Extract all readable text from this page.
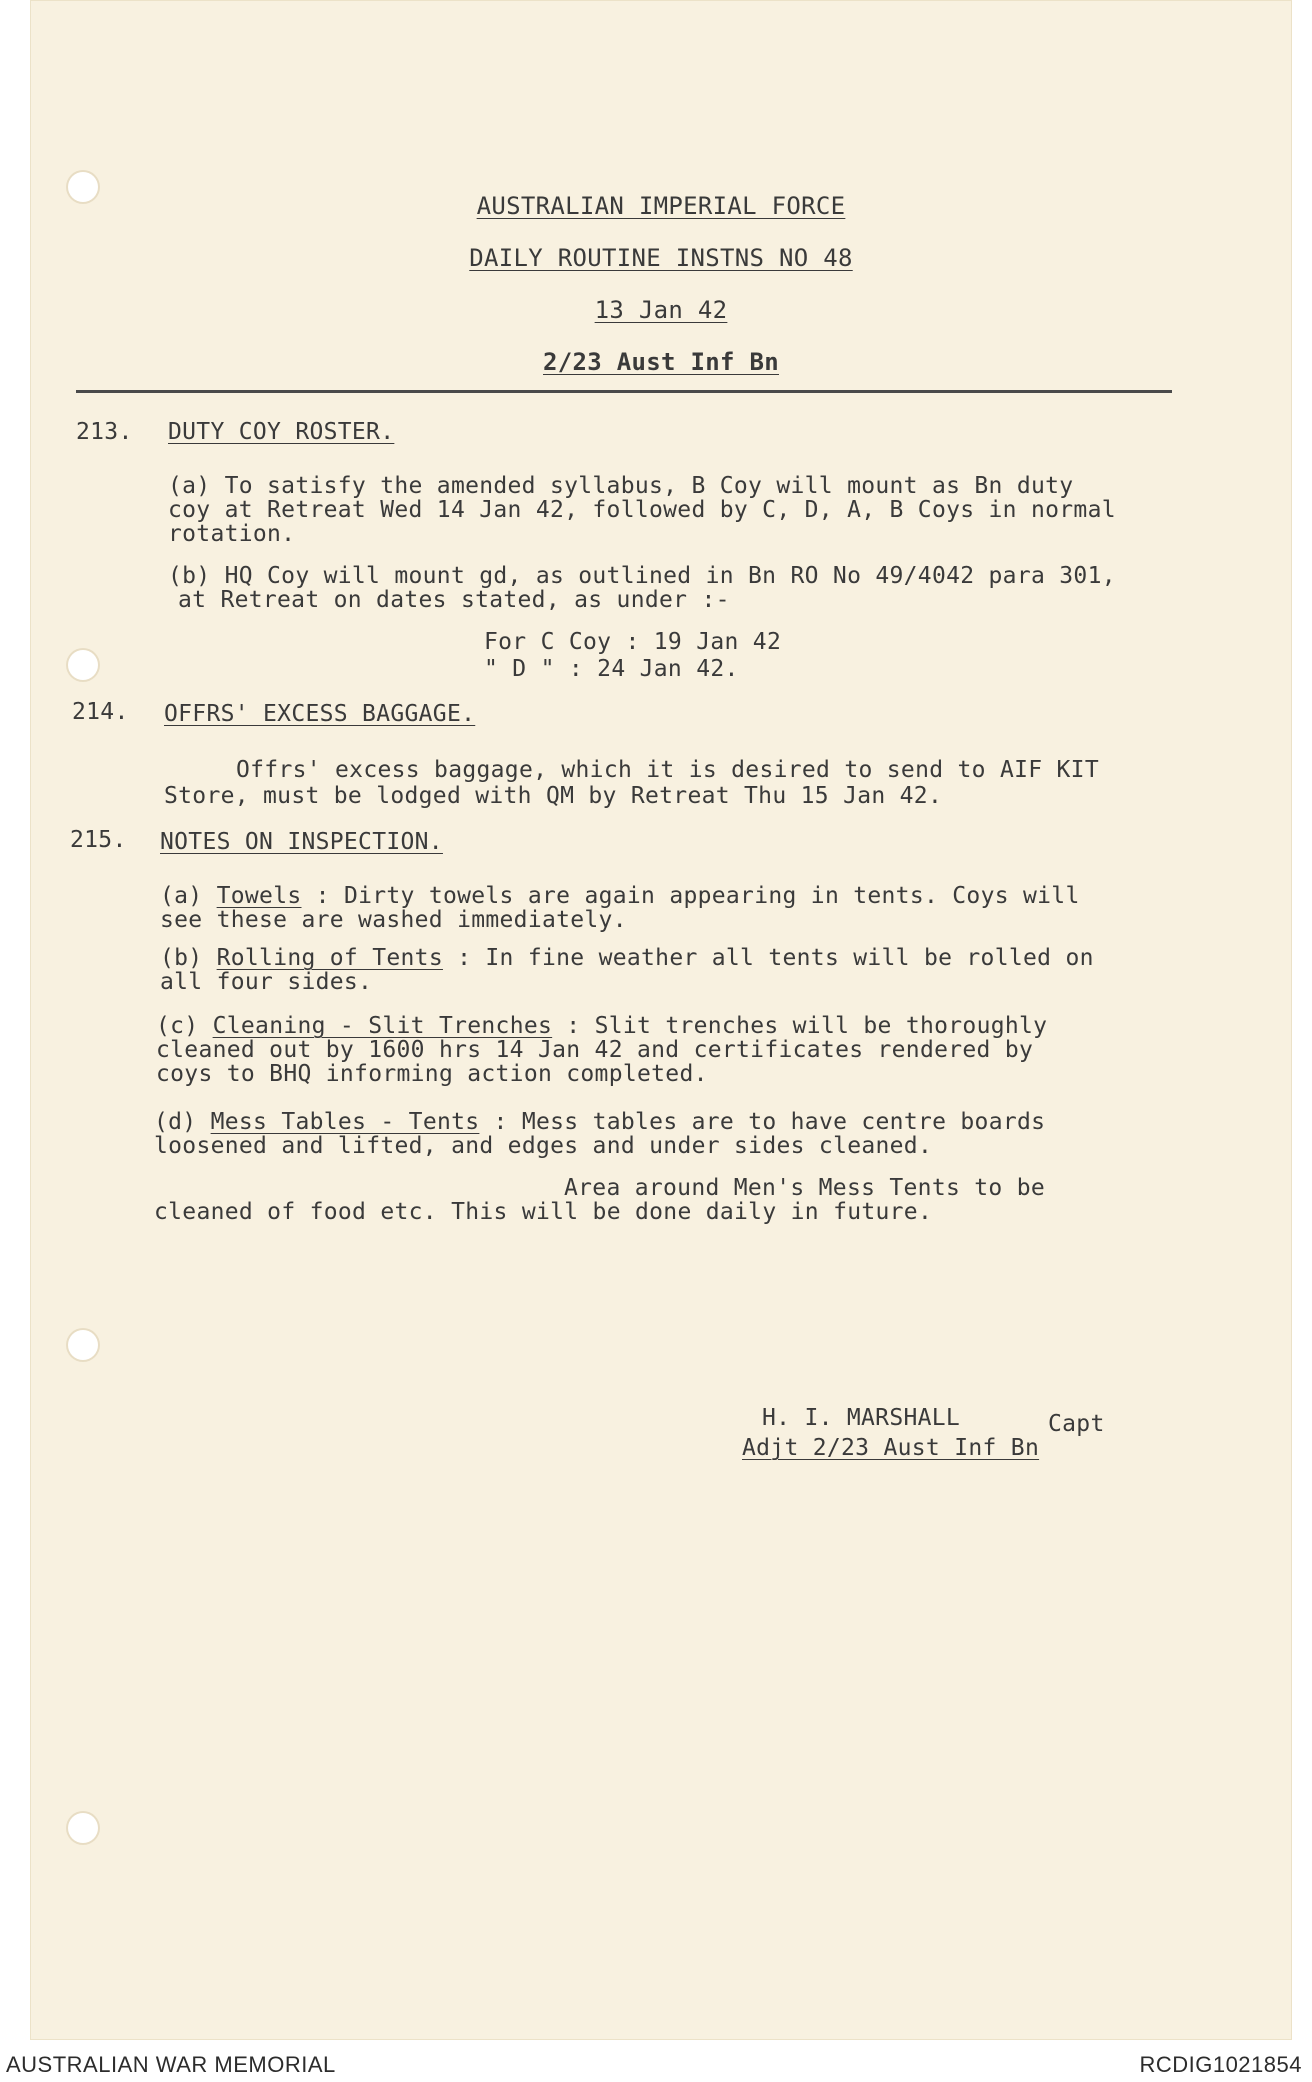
AUSTRALIAN IMPERIAL FORCE
DAILY ROUTINE INSTNS NO 48
13 Jan 42
2/23 Aust Inf Bn
213. DUTY COY ROSTER.
(a) To satisfy the amended syllabus, B Coy will mount as Bn duty
coy at Retreat Wed 14 Jan 42, followed by C, D, A, B Coys in normal
rotation.
(b) HQ Coy will mount gd, as outlined in Bn RO No 49/4042 para 301,
at Retreat on dates stated, as under :-
For C Coy : 19 Jan 42
" D " : 24 Jan 42.
214. OFFRS' EXCESS BAGGAGE.
Offrs' excess baggage, which it is desired to send to AIF KIT
Store, must be lodged with QM by Retreat Thu 15 Jan 42.
215. NOTES ON INSPECTION.
(a) Towels : Dirty towels are again appearing in tents. Coys will
see these are washed immediately.
(b) Rolling of Tents : In fine weather all tents will be rolled on
all four sides.
(c) Cleaning - Slit Trenches : Slit trenches will be thoroughly
cleaned out by 1600 hrs 14 Jan 42 and certificates rendered by
coys to BHQ informing action completed.
(d) Mess Tables - Tents : Mess tables are to have centre boards
loosened and lifted, and edges and under sides cleaned.
Area around Men's Mess Tents to be
cleaned of food etc. This will be done daily in future.
H. I. MARSHALL	Capt
Adjt 2/23 Aust Inf Bn
AUSTRALIAN WAR MEMORIAL	RCDIG1021854
